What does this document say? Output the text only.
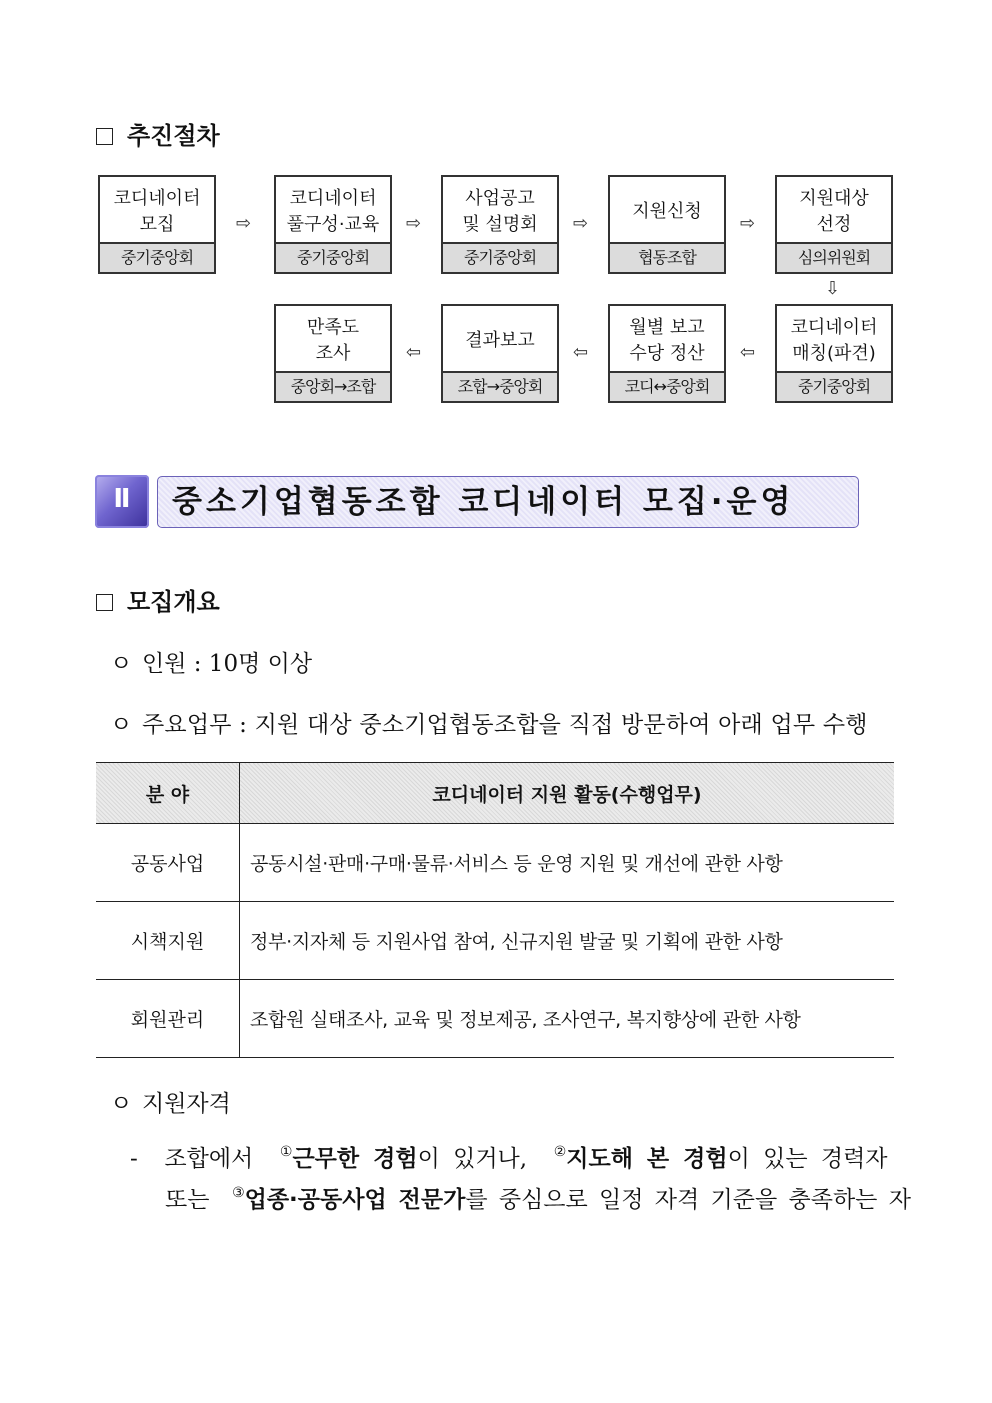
추진절차
코디네이터
모집
중기중앙회
⇨
코디네이터
풀구성·교육
중기중앙회
⇨
사업공고
및 설명회
중기중앙회
⇨
지원신청
협동조합
⇨
지원대상
선정
심의위원회
⇩
코디네이터
매칭(파견)
중기중앙회
⇦
월별 보고
수당 정산
코디↔중앙회
⇦
결과보고
조합→중앙회
⇦
만족도
조사
중앙회→조합
Ⅱ	중소기업협동조합 코디네이터 모집·운영
모집개요
ㅇ 인원 : 10명 이상
ㅇ 주요업무 : 지원 대상 중소기업협동조합을 직접 방문하여 아래 업무 수행
분 야	코디네이터 지원 활동(수행업무)
공동사업	공동시설·판매·구매·물류·서비스 등 운영 지원 및 개선에 관한 사항
시책지원	정부·지자체 등 지원사업 참여, 신규지원 발굴 및 기획에 관한 사항
회원관리	조합원 실태조사, 교육 및 정보제공, 조사연구, 복지향상에 관한 사항
ㅇ 지원자격
- 조합에서 ①근무한 경험이 있거나, ②지도해 본 경험이 있는 경력자
또는 ③업종·공동사업 전문가를 중심으로 일정 자격 기준을 충족하는 자
